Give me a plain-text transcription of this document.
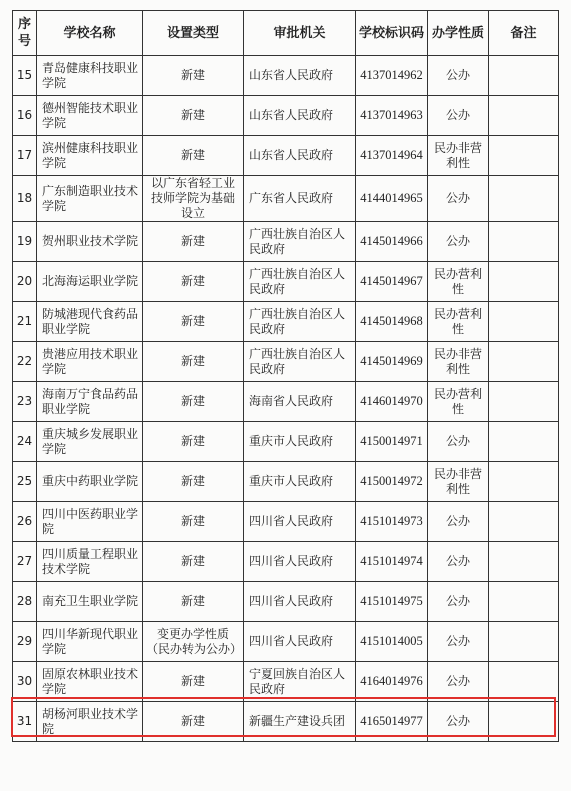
序号	学校名称	设置类型	审批机关	学校标识码	办学性质	备注
15	青岛健康科技职业学院	新建	山东省人民政府	4137014962	公办	
16	德州智能技术职业学院	新建	山东省人民政府	4137014963	公办	
17	滨州健康科技职业学院	新建	山东省人民政府	4137014964	民办非营利性	
18	广东制造职业技术学院	以广东省轻工业技师学院为基础设立	广东省人民政府	4144014965	公办	
19	贺州职业技术学院	新建	广西壮族自治区人民政府	4145014966	公办	
20	北海海运职业学院	新建	广西壮族自治区人民政府	4145014967	民办营利性	
21	防城港现代食药品职业学院	新建	广西壮族自治区人民政府	4145014968	民办营利性	
22	贵港应用技术职业学院	新建	广西壮族自治区人民政府	4145014969	民办非营利性	
23	海南万宁食品药品职业学院	新建	海南省人民政府	4146014970	民办营利性	
24	重庆城乡发展职业学院	新建	重庆市人民政府	4150014971	公办	
25	重庆中药职业学院	新建	重庆市人民政府	4150014972	民办非营利性	
26	四川中医药职业学院	新建	四川省人民政府	4151014973	公办	
27	四川质量工程职业技术学院	新建	四川省人民政府	4151014974	公办	
28	南充卫生职业学院	新建	四川省人民政府	4151014975	公办	
29	四川华新现代职业学院	变更办学性质（民办转为公办）	四川省人民政府	4151014005	公办	
30	固原农林职业技术学院	新建	宁夏回族自治区人民政府	4164014976	公办	
31	胡杨河职业技术学院	新建	新疆生产建设兵团	4165014977	公办	
